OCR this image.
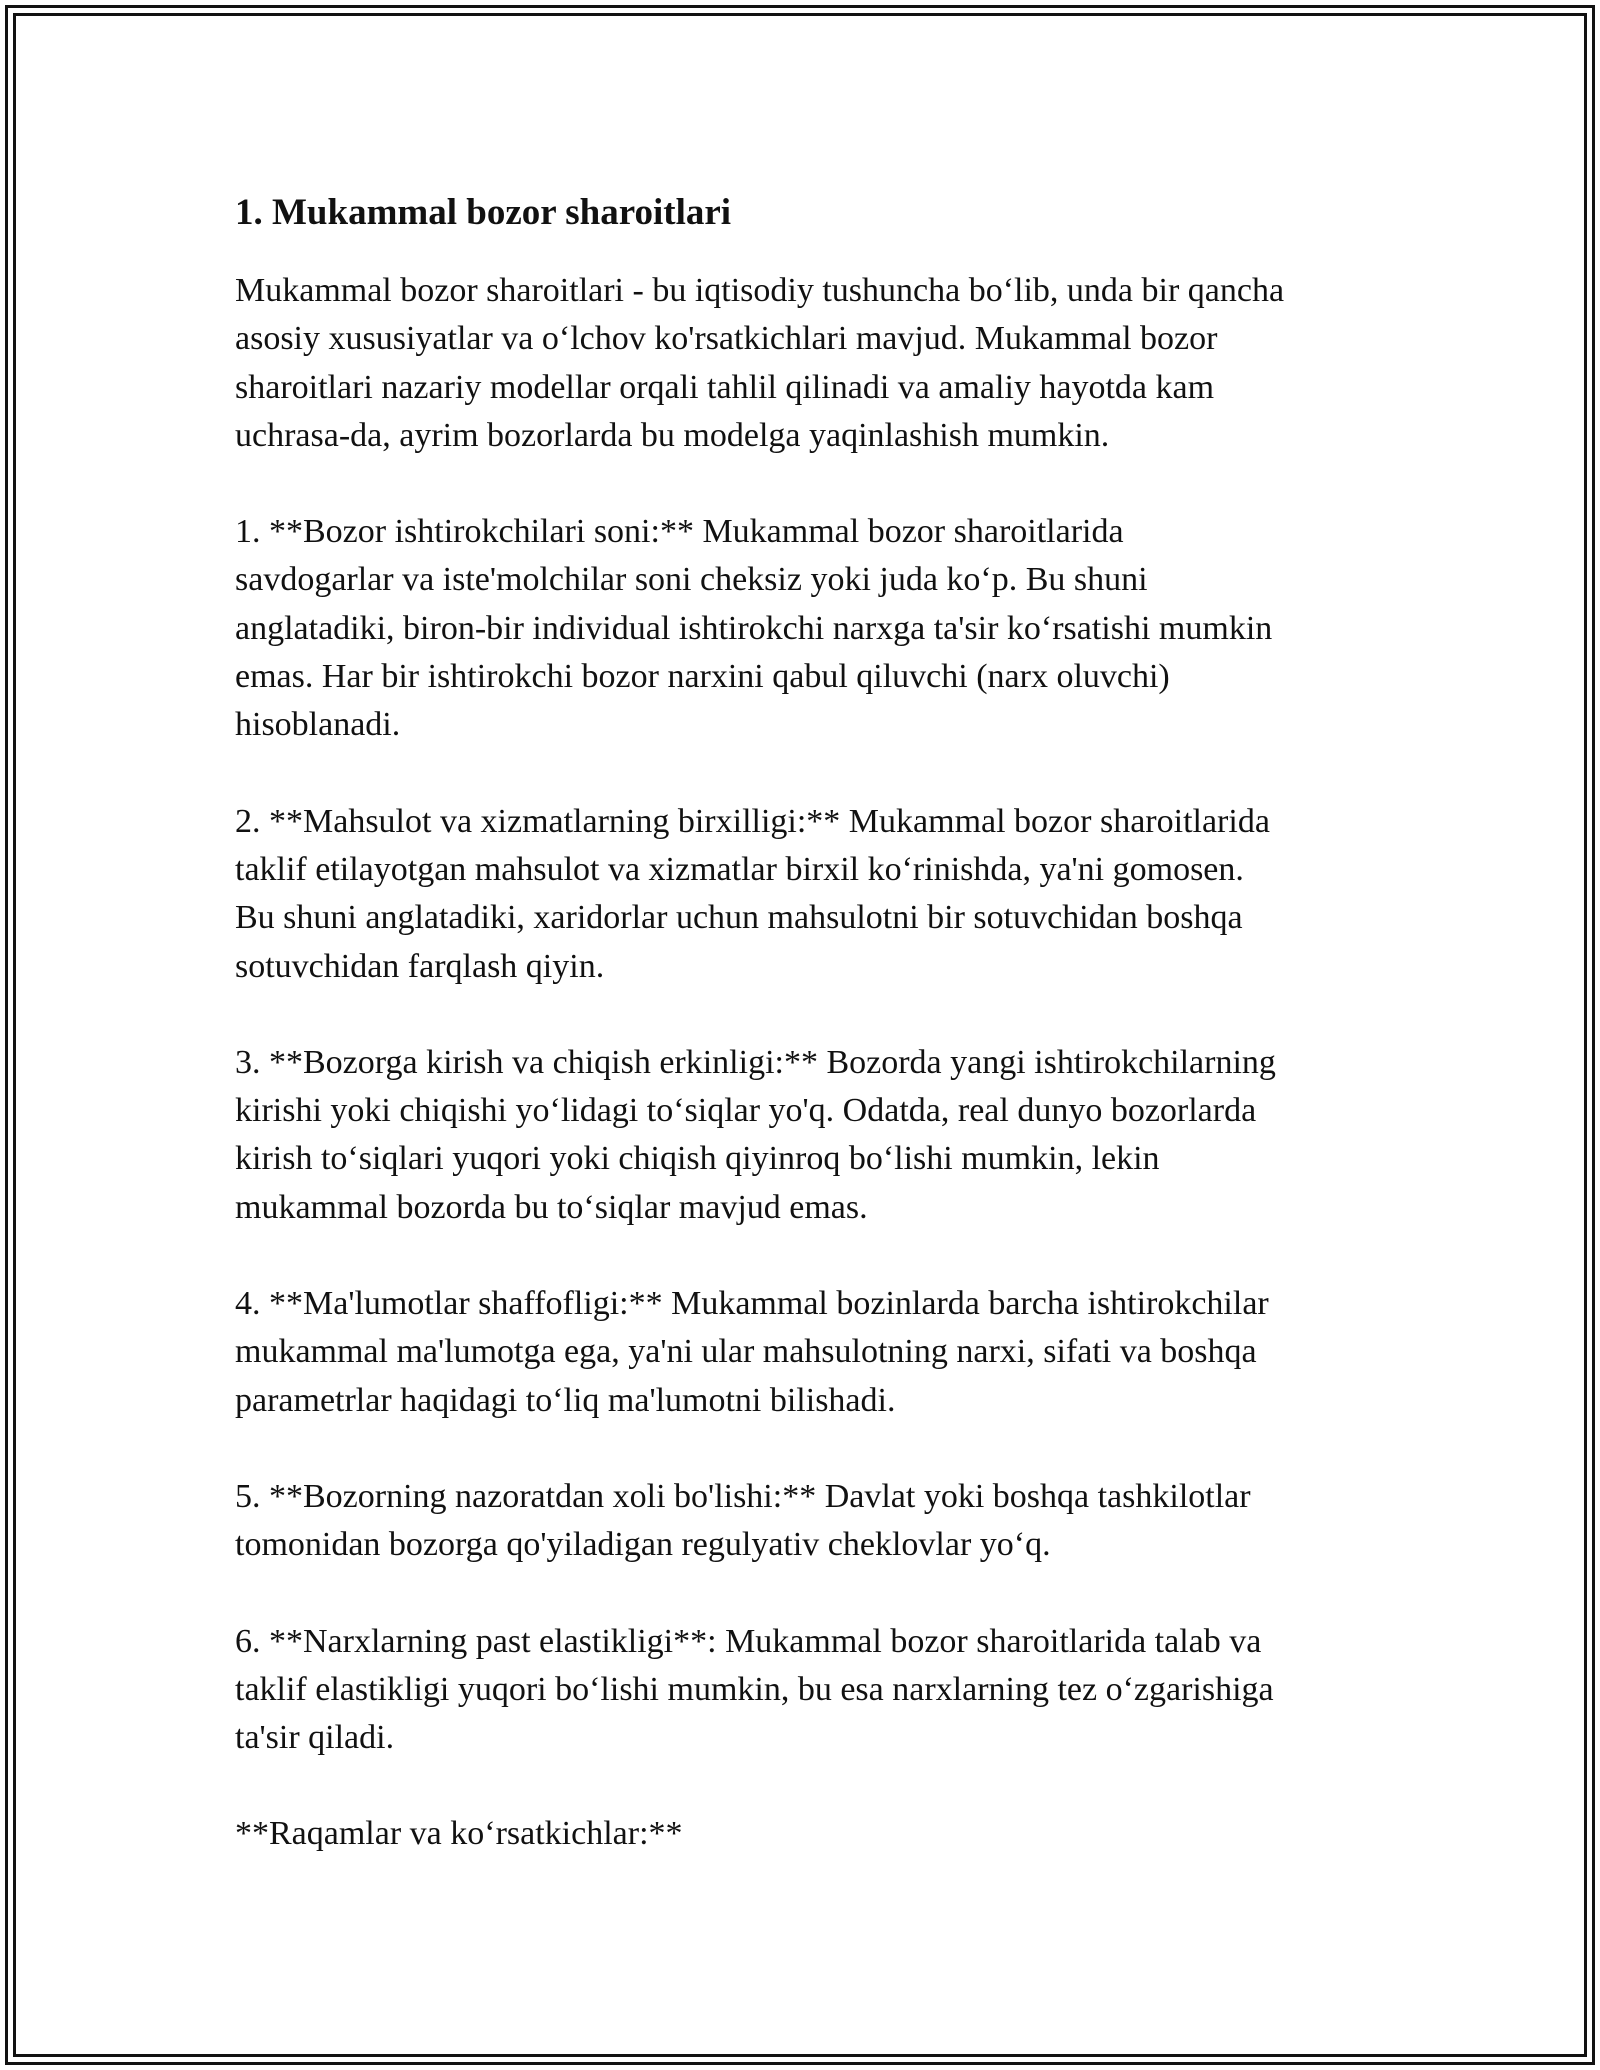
1. Mukammal bozor sharoitlari
Mukammal bozor sharoitlari - bu iqtisodiy tushuncha bo‘lib, unda bir qancha
asosiy xususiyatlar va o‘lchov ko'rsatkichlari mavjud. Mukammal bozor
sharoitlari nazariy modellar orqali tahlil qilinadi va amaliy hayotda kam
uchrasa-da, ayrim bozorlarda bu modelga yaqinlashish mumkin.
1. **Bozor ishtirokchilari soni:** Mukammal bozor sharoitlarida
savdogarlar va iste'molchilar soni cheksiz yoki juda ko‘p. Bu shuni
anglatadiki, biron-bir individual ishtirokchi narxga ta'sir ko‘rsatishi mumkin
emas. Har bir ishtirokchi bozor narxini qabul qiluvchi (narx oluvchi)
hisoblanadi.
2. **Mahsulot va xizmatlarning birxilligi:** Mukammal bozor sharoitlarida
taklif etilayotgan mahsulot va xizmatlar birxil ko‘rinishda, ya'ni gomosen.
Bu shuni anglatadiki, xaridorlar uchun mahsulotni bir sotuvchidan boshqa
sotuvchidan farqlash qiyin.
3. **Bozorga kirish va chiqish erkinligi:** Bozorda yangi ishtirokchilarning
kirishi yoki chiqishi yo‘lidagi to‘siqlar yo'q. Odatda, real dunyo bozorlarda
kirish to‘siqlari yuqori yoki chiqish qiyinroq bo‘lishi mumkin, lekin
mukammal bozorda bu to‘siqlar mavjud emas.
4. **Ma'lumotlar shaffofligi:** Mukammal bozinlarda barcha ishtirokchilar
mukammal ma'lumotga ega, ya'ni ular mahsulotning narxi, sifati va boshqa
parametrlar haqidagi to‘liq ma'lumotni bilishadi.
5. **Bozorning nazoratdan xoli bo'lishi:** Davlat yoki boshqa tashkilotlar
tomonidan bozorga qo'yiladigan regulyativ cheklovlar yo‘q.
6. **Narxlarning past elastikligi**: Mukammal bozor sharoitlarida talab va
taklif elastikligi yuqori bo‘lishi mumkin, bu esa narxlarning tez o‘zgarishiga
ta'sir qiladi.
**Raqamlar va ko‘rsatkichlar:**
